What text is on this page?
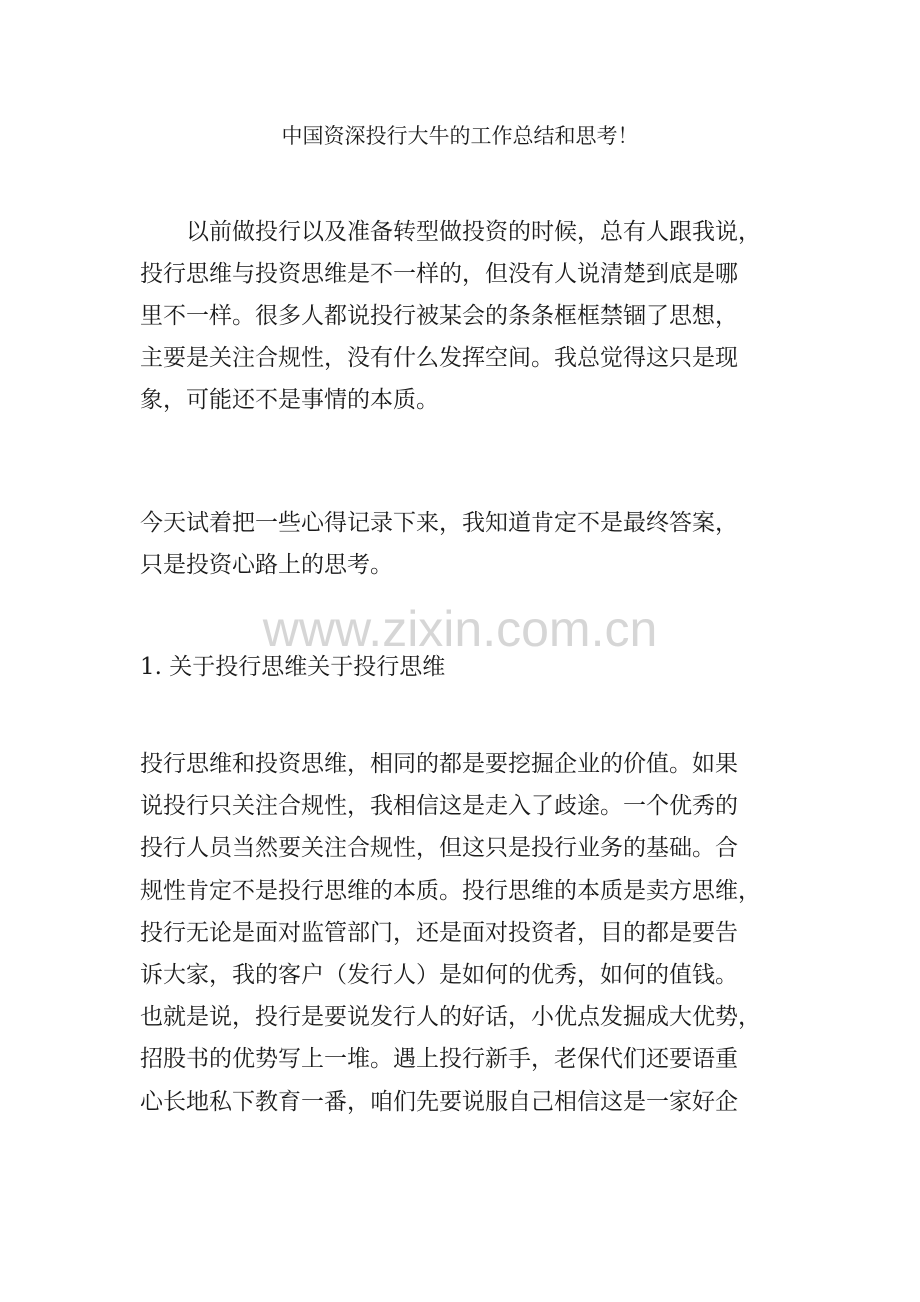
www.zixin.com.cn
中国资深投行大牛的工作总结和思考！
以前做投行以及准备转型做投资的时候，总有人跟我说，
投行思维与投资思维是不一样的，但没有人说清楚到底是哪
里不一样。很多人都说投行被某会的条条框框禁锢了思想，
主要是关注合规性，没有什么发挥空间。我总觉得这只是现
象，可能还不是事情的本质。
今天试着把一些心得记录下来，我知道肯定不是最终答案，
只是投资心路上的思考。
1. 关于投行思维关于投行思维
投行思维和投资思维，相同的都是要挖掘企业的价值。如果
说投行只关注合规性，我相信这是走入了歧途。一个优秀的
投行人员当然要关注合规性，但这只是投行业务的基础。合
规性肯定不是投行思维的本质。投行思维的本质是卖方思维，
投行无论是面对监管部门，还是面对投资者，目的都是要告
诉大家，我的客户（发行人）是如何的优秀，如何的值钱。
也就是说，投行是要说发行人的好话，小优点发掘成大优势，
招股书的优势写上一堆。遇上投行新手，老保代们还要语重
心长地私下教育一番，咱们先要说服自己相信这是一家好企
